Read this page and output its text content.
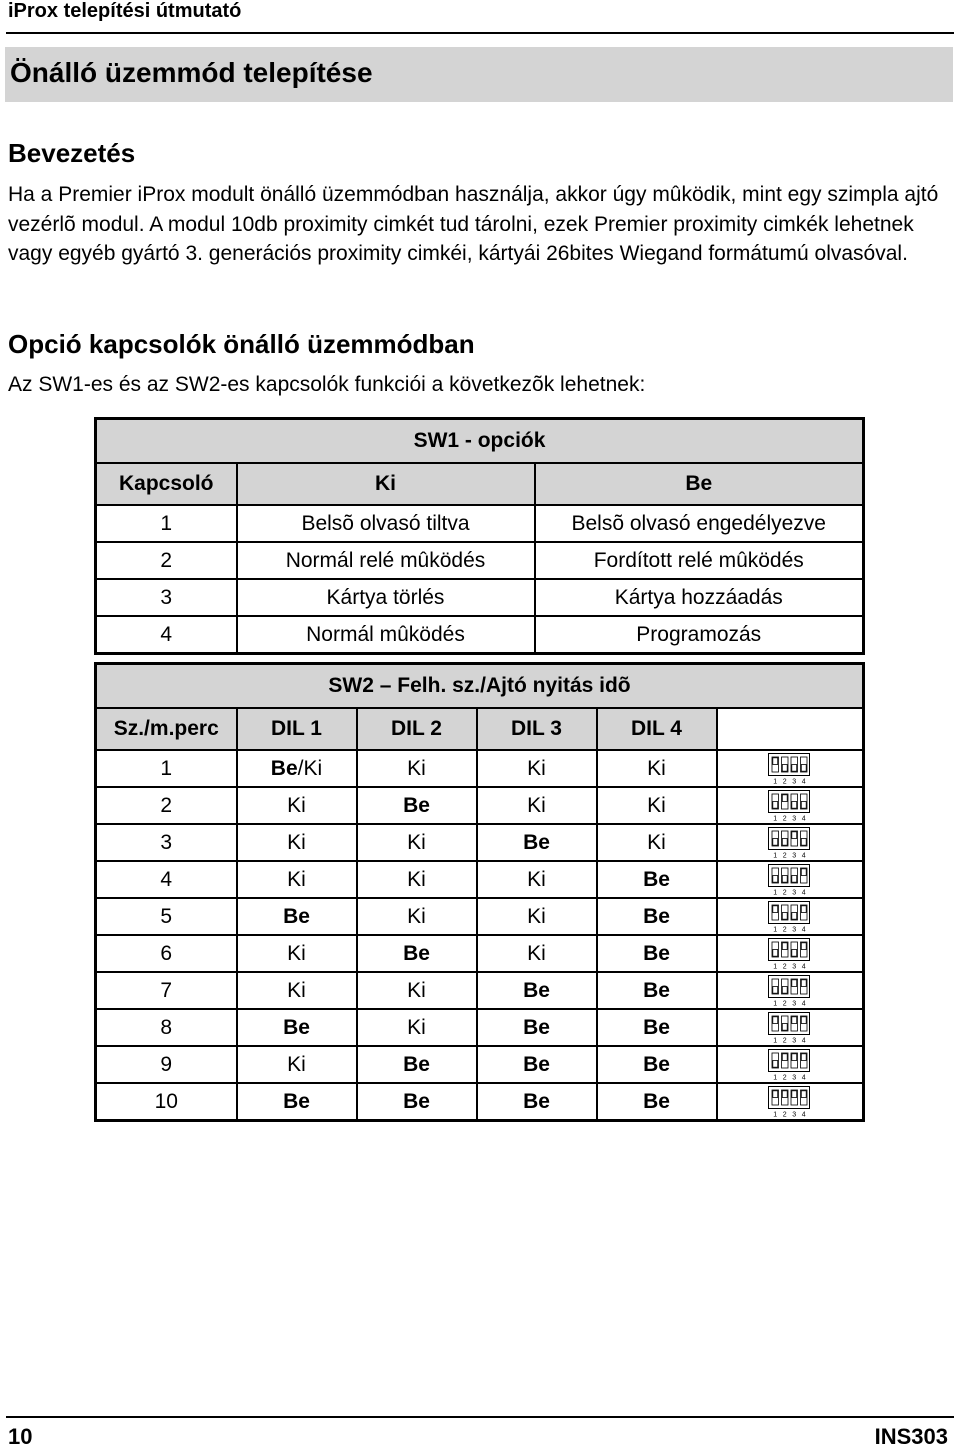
iProx telepítési útmutató
Önálló üzemmód telepítése
Bevezetés
Ha a Premier iProx modult önálló üzemmódban használja, akkor úgy mûködik, mint egy szimpla ajtó vezérlõ modul. A modul 10db proximity cimkét tud tárolni, ezek Premier proximity cimkék lehetnek vagy egyéb gyártó 3. generációs proximity cimkéi, kártyái 26bites Wiegand formátumú olvasóval.
Opció kapcsolók önálló üzemmódban
Az SW1-es és az SW2-es kapcsolók funkciói a következõk lehetnek:
SW1 - opciók		
Kapcsoló	Ki	Be
1	Belsõ olvasó tiltva	Belsõ olvasó engedélyezve
2	Normál relé mûködés	Fordított relé mûködés
3	Kártya törlés	Kártya hozzáadás
4	Normál mûködés	Programozás
SW2 – Felh. sz./Ajtó nyitás idõ					
Sz./m.perc	DIL 1	DIL 2	DIL 3	DIL 4	
1	Be/Ki	Ki	Ki	Ki	1 2 3 4

2	Ki	Be	Ki	Ki	1 2 3 4

3	Ki	Ki	Be	Ki	1 2 3 4

4	Ki	Ki	Ki	Be	1 2 3 4

5	Be	Ki	Ki	Be	1 2 3 4

6	Ki	Be	Ki	Be	1 2 3 4

7	Ki	Ki	Be	Be	1 2 3 4

8	Be	Ki	Be	Be	1 2 3 4

9	Ki	Be	Be	Be	1 2 3 4

10	Be	Be	Be	Be	1 2 3 4
10	INS303
